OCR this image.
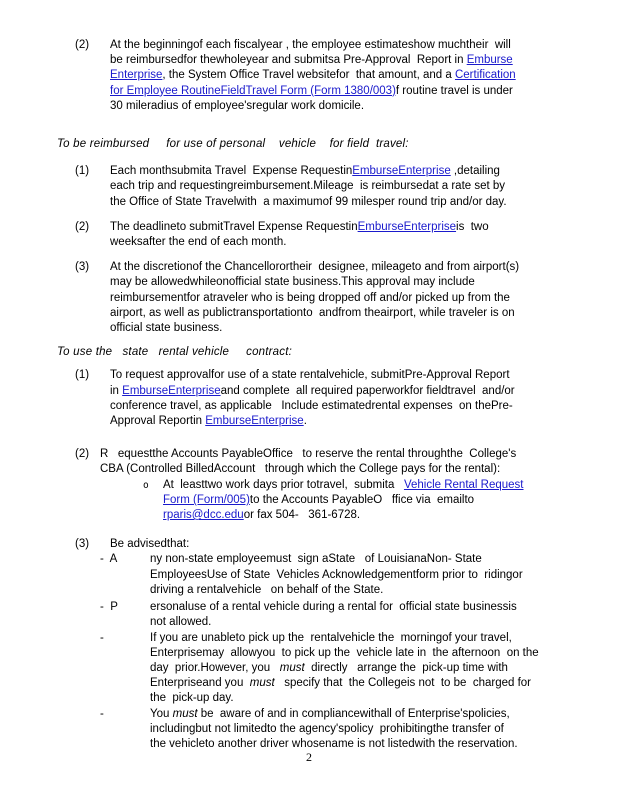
(2) At the beginningof each fiscalyear , the employee estimateshow muchtheir  will
be reimbursedfor thewholeyear and submitsa Pre-Approval  Report in Emburse
Enterprise, the System Office Travel websitefor  that amount, and a Certification
for Employee RoutineFieldTravel Form (Form 1380/003)f routine travel is under
30 mileradius of employee'sregular work domicile.
To be reimbursed     for use of personal    vehicle    for field  travel:
(1) Each monthsubmita Travel  Expense RequestinEmburseEnterprise ,detailing
each trip and requestingreimbursement.Mileage  is reimbursedat a rate set by
the Office of State Travelwith  a maximumof 99 milesper round trip and/or day.
(2) The deadlineto submitTravel Expense RequestinEmburseEnterpriseis  two
weeksafter the end of each month.
(3) At the discretionof the Chancellorortheir  designee, mileageto and from airport(s)
may be allowedwhileonofficial state business.This approval may include
reimbursementfor atraveler who is being dropped off and/or picked up from the
airport, as well as publictransportationto  andfrom theairport, while traveler is on
official state business.
To use the   state   rental vehicle     contract:
(1) To request approvalfor use of a state rentalvehicle, submitPre-Approval Report
in EmburseEnterpriseand complete  all required paperworkfor fieldtravel  and/or
conference travel, as applicable   Include estimatedrental expenses  on thePre-
Approval Reportin EmburseEnterprise.
(2) R   equestthe Accounts PayableOffice   to reserve the rental throughthe  College's
CBA (Controlled BilledAccount   through which the College pays for the rental):
o At  leasttwo work days prior totravel,  submita   Vehicle Rental Request
Form (Form/005)to the Accounts PayableO   ffice via  emailto
rparis@dcc.eduor fax 504-   361-6728.
(3) Be advisedthat:
-  A	ny non-state employeemust  sign aState   of LouisianaNon- State
EmployeesUse of State  Vehicles Acknowledgementform prior to  ridingor
driving a rentalvehicle   on behalf of the State.
-  P	ersonaluse of a rental vehicle during a rental for  official state businessis
not allowed.
-	If you are unableto pick up the  rentalvehicle the  morningof your travel,
Enterprisemay  allowyou  to pick up the  vehicle late in  the afternoon  on the
day  prior.However, you   must  directly   arrange the  pick-up time with
Enterpriseand you  must   specify that  the Collegeis not  to be  charged for
the  pick-up day.
-	You must be  aware of and in compliancewithall of Enterprise'spolicies,
includingbut not limitedto the agency'spolicy  prohibitingthe transfer of
the vehicleto another driver whosename is not listedwith the reservation.
2
